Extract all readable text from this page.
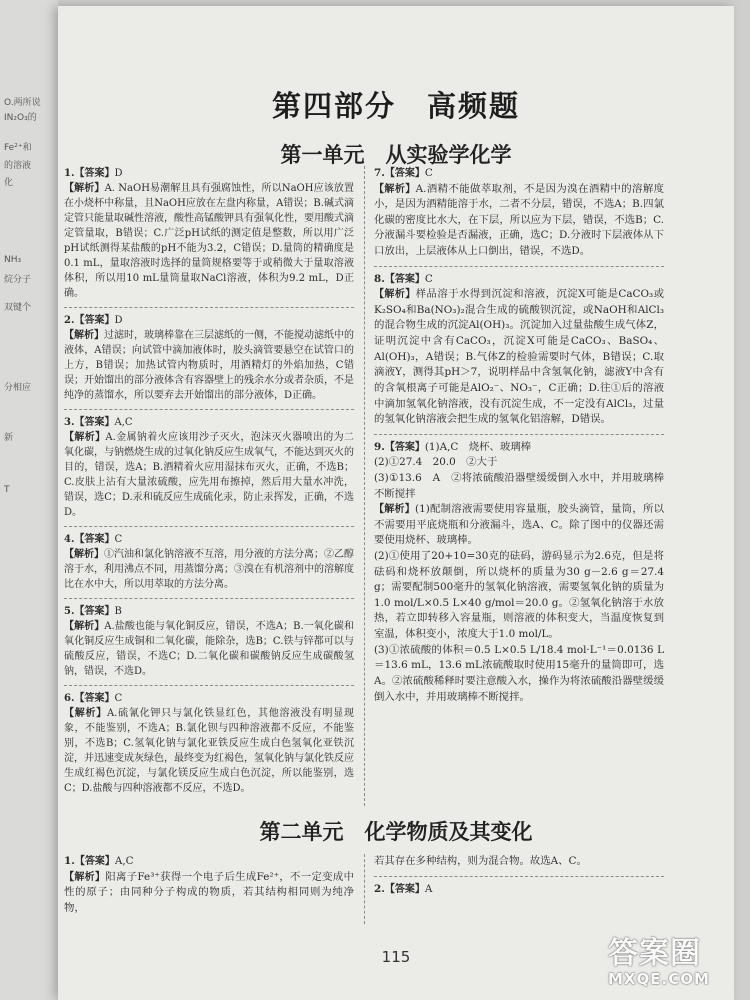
O.两所说
IN₂O₃的
Fe²⁺和
的溶液
化
NH₃
烷分子
双键个
分相应
新
T
第四部分　高频题
第一单元　从实验学化学
1.【答案】D
【解析】A. NaOH易潮解且具有强腐蚀性，所以NaOH应该放置在小烧杯中称量，且NaOH应放在左盘内称量，A错误；B.碱式滴定管只能量取碱性溶液，酸性高锰酸钾具有强氧化性，要用酸式滴定管量取，B错误；C.广泛pH试纸的测定值是整数，所以用广泛pH试纸测得某盐酸的pH不能为3.2，C错误；D.量筒的精确度是0.1 mL，量取溶液时选择的量筒规格要等于或稍微大于量取溶液体积，所以用10 mL量筒量取NaCl溶液，体积为9.2 mL，D正确。
2.【答案】D
【解析】过滤时，玻璃棒靠在三层滤纸的一侧，不能搅动滤纸中的液体，A错误；向试管中滴加液体时，胶头滴管要悬空在试管口的上方，B错误；加热试管内物质时，用酒精灯的外焰加热，C错误；开始馏出的部分液体含有容器壁上的残余水分或者杂质，不是纯净的蒸馏水，所以要弃去开始馏出的部分液体，D正确。
3.【答案】A,C
【解析】A.金属钠着火应该用沙子灭火，泡沫灭火器喷出的为二氧化碳，与钠燃烧生成的过氧化钠反应生成氧气，不能达到灭火的目的，错误，选A；B.酒精着火应用湿抹布灭火，正确，不选B；C.皮肤上沾有大量浓硫酸，应先用布擦掉，然后用大量水冲洗，错误，选C；D.汞和硫反应生成硫化汞，防止汞挥发，正确，不选D。
4.【答案】C
【解析】①汽油和氯化钠溶液不互溶，用分液的方法分离；②乙醇溶于水，利用沸点不同，用蒸馏分离；③溴在有机溶剂中的溶解度比在水中大，所以用萃取的方法分离。
5.【答案】B
【解析】A.盐酸也能与氧化铜反应，错误，不选A；B.一氧化碳和氧化铜反应生成铜和二氧化碳，能除杂，选B；C.铁与锌都可以与硫酸反应，错误，不选C；D.二氧化碳和碳酸钠反应生成碳酸氢钠，错误，不选D。
6.【答案】C
【解析】A.硫氰化钾只与氯化铁显红色，其他溶液没有明显现象，不能鉴别，不选A；B.氯化钡与四种溶液都不反应，不能鉴别，不选B；C.氢氧化钠与氯化亚铁反应生成白色氢氧化亚铁沉淀，并迅速变成灰绿色，最终变为红褐色，氢氧化钠与氯化铁反应生成红褐色沉淀，与氯化镁反应生成白色沉淀，所以能鉴别，选C；D.盐酸与四种溶液都不反应，不选D。
7.【答案】C
【解析】A.酒精不能做萃取剂，不是因为溴在酒精中的溶解度小，是因为酒精能溶于水，二者不分层，错误，不选A；B.四氯化碳的密度比水大，在下层，所以应为下层，错误，不选B；C.分液漏斗要检验是否漏液，正确，选C；D.分液时下层液体从下口放出，上层液体从上口倒出，错误，不选D。
8.【答案】C
【解析】样品溶于水得到沉淀和溶液，沉淀X可能是CaCO₃或K₂SO₄和Ba(NO₃)₂混合生成的硫酸钡沉淀，或NaOH和AlCl₃的混合物生成的沉淀Al(OH)₃。沉淀加入过量盐酸生成气体Z，证明沉淀中含有CaCO₃，沉淀X可能是CaCO₃、BaSO₄、Al(OH)₃，A错误；B.气体Z的检验需要时气体，B错误；C.取滴液Y，测得其pH＞7，说明样品中含氢氧化钠，滤液Y中含有的含氧根离子可能是AlO₂⁻、NO₃⁻，C正确；D.往①后的溶液中滴加氢氧化钠溶液，没有沉淀生成，不一定没有AlCl₃，过量的氢氧化钠溶液会把生成的氢氧化铝溶解，D错误。
9.【答案】(1)A,C　烧杯、玻璃棒
(2)①27.4　20.0　②大于
(3)①13.6　A　②将浓硫酸沿器壁缓缓倒入水中，并用玻璃棒不断搅拌
【解析】(1)配制溶液需要使用容量瓶，胶头滴管，量筒，所以不需要用平底烧瓶和分液漏斗，选A、C。除了图中的仪器还需要使用烧杯、玻璃棒。
(2)①使用了20+10=30克的砝码，游码显示为2.6克，但是将砝码和烧杯放颠倒，所以烧杯的质量为30 g－2.6 g＝27.4 g；需要配制500毫升的氢氧化钠溶液，需要氢氧化钠的质量为1.0 mol/L×0.5 L×40 g/mol＝20.0 g。②氢氧化钠溶于水放热，若立即转移入容量瓶，则溶液的体积变大，当温度恢复到室温，体积变小，浓度大于1.0 mol/L。
(3)①浓硫酸的体积＝0.5 L×0.5 L/18.4 mol·L⁻¹＝0.0136 L＝13.6 mL，13.6 mL浓硫酸取时使用15毫升的量筒即可，选A。②浓硫酸稀释时要注意酸入水，操作为将浓硫酸沿器壁缓缓倒入水中，并用玻璃棒不断搅拌。
第二单元　化学物质及其变化
1.【答案】A,C
【解析】阳离子Fe³⁺获得一个电子后生成Fe²⁺，不一定变成中性的原子；由同种分子构成的物质，若其结构相同则为纯净物，
若其存在多种结构，则为混合物。故选A、C。
2.【答案】A
115	答案圈
MXQE.COM
